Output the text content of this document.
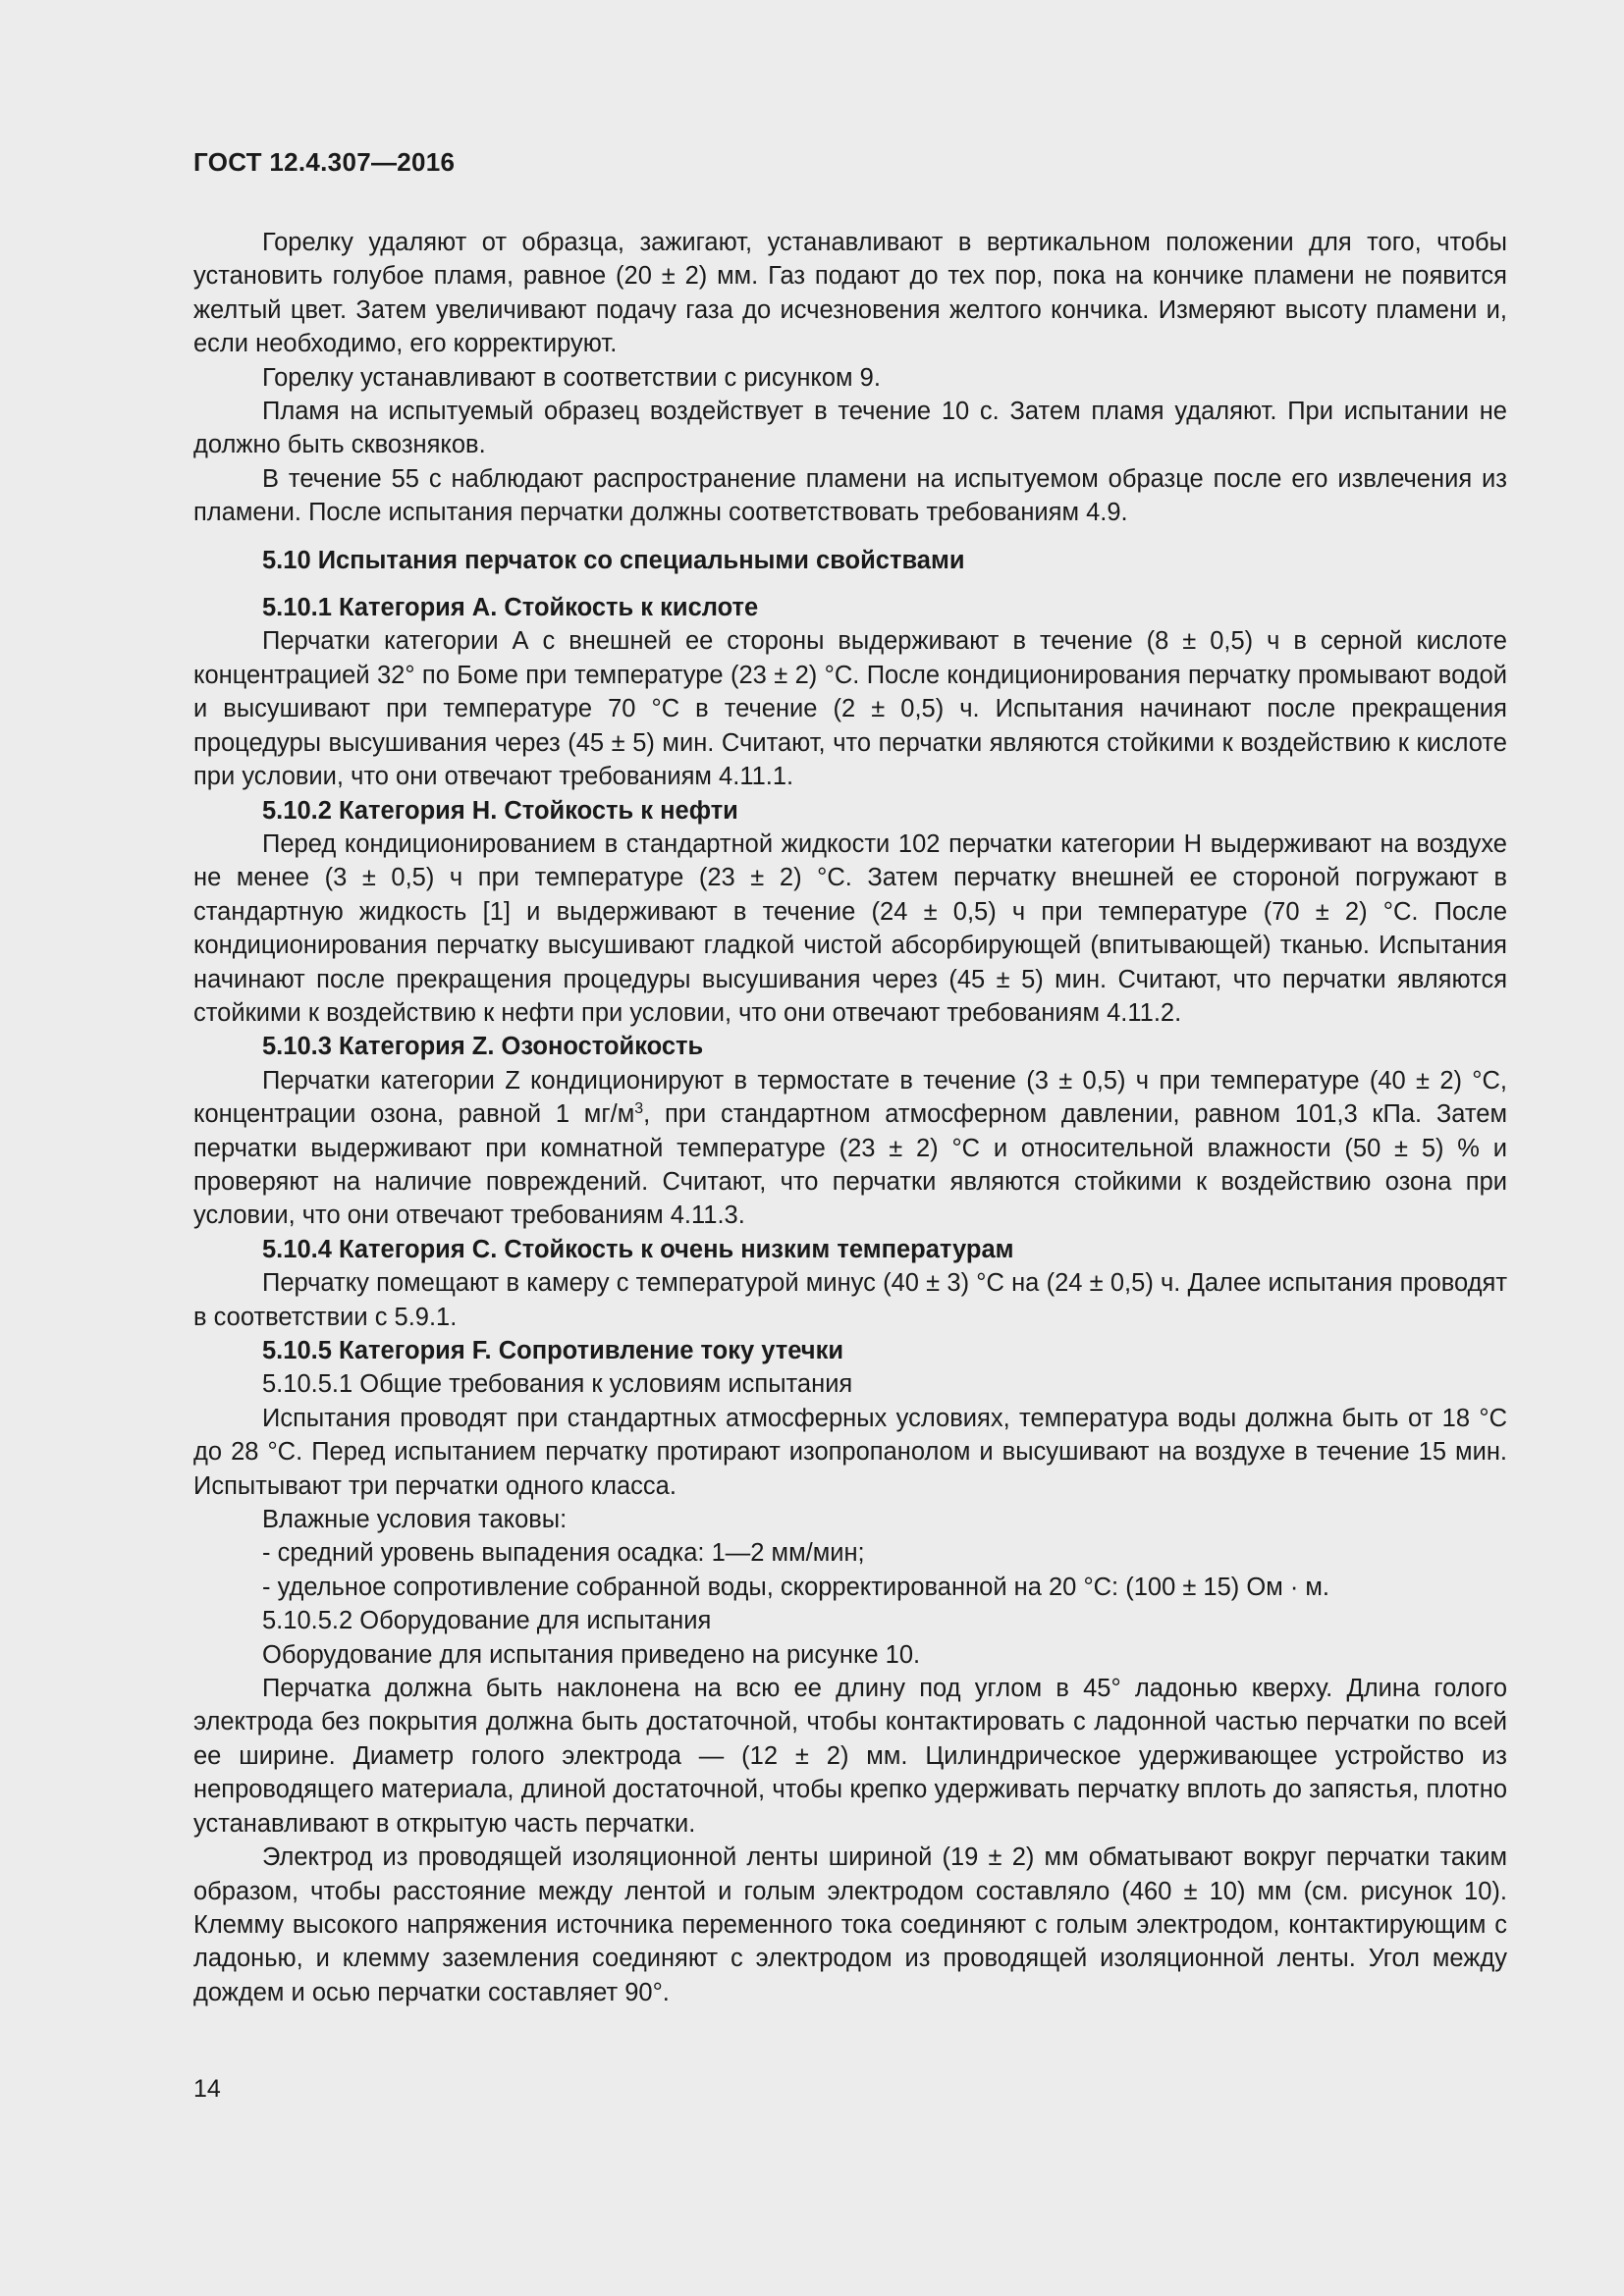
ГОСТ 12.4.307—2016

Горелку удаляют от образца, зажигают, устанавливают в вертикальном положении для того, чтобы установить голубое пламя, равное (20 ± 2) мм. Газ подают до тех пор, пока на кончике пламени не появится желтый цвет. Затем увеличивают подачу газа до исчезновения желтого кончика. Измеряют высоту пламени и, если необходимо, его корректируют.

Горелку устанавливают в соответствии с рисунком 9.

Пламя на испытуемый образец воздействует в течение 10 с. Затем пламя удаляют. При испытании не должно быть сквозняков.

В течение 55 с наблюдают распространение пламени на испытуемом образце после его извлечения из пламени. После испытания перчатки должны соответствовать требованиям 4.9.

5.10 Испытания перчаток со специальными свойствами

5.10.1 Категория А. Стойкость к кислоте

Перчатки категории А с внешней ее стороны выдерживают в течение (8 ± 0,5) ч в серной кислоте концентрацией 32° по Боме при температуре (23 ± 2) °С. После кондиционирования перчатку промывают водой и высушивают при температуре 70 °С в течение (2 ± 0,5) ч. Испытания начинают после прекращения процедуры высушивания через (45 ± 5) мин. Считают, что перчатки являются стойкими к воздействию к кислоте при условии, что они отвечают требованиям 4.11.1.

5.10.2 Категория Н. Стойкость к нефти

Перед кондиционированием в стандартной жидкости 102 перчатки категории Н выдерживают на воздухе не менее (3 ± 0,5) ч при температуре (23 ± 2) °С. Затем перчатку внешней ее стороной погружают в стандартную жидкость [1] и выдерживают в течение (24 ± 0,5) ч при температуре (70 ± 2) °С. После кондиционирования перчатку высушивают гладкой чистой абсорбирующей (впитывающей) тканью. Испытания начинают после прекращения процедуры высушивания через (45 ± 5) мин. Считают, что перчатки являются стойкими к воздействию к нефти при условии, что они отвечают требованиям 4.11.2.

5.10.3 Категория Z. Озоностойкость

Перчатки категории Z кондиционируют в термостате в течение (3 ± 0,5) ч при температуре (40 ± 2) °С, концентрации озона, равной 1 $мг/м^3$, при стандартном атмосферном давлении, равном 101,3 кПа. Затем перчатки выдерживают при комнатной температуре (23 ± 2) °С и относительной влажности (50 ± 5) % и проверяют на наличие повреждений. Считают, что перчатки являются стойкими к воздействию озона при условии, что они отвечают требованиям 4.11.3.

5.10.4 Категория С. Стойкость к очень низким температурам

Перчатку помещают в камеру с температурой минус (40 ± 3) °С на (24 ± 0,5) ч. Далее испытания проводят в соответствии с 5.9.1.

5.10.5 Категория F. Сопротивление току утечки

5.10.5.1 Общие требования к условиям испытания

Испытания проводят при стандартных атмосферных условиях, температура воды должна быть от 18 °С до 28 °С. Перед испытанием перчатку протирают изопропанолом и высушивают на воздухе в течение 15 мин. Испытывают три перчатки одного класса.

Влажные условия таковы:

- средний уровень выпадения осадка: 1—2 мм/мин;

- удельное сопротивление собранной воды, скорректированной на 20 °С: (100 ± 15) Ом · м.

5.10.5.2 Оборудование для испытания

Оборудование для испытания приведено на рисунке 10.

Перчатка должна быть наклонена на всю ее длину под углом в 45° ладонью кверху. Длина голого электрода без покрытия должна быть достаточной, чтобы контактировать с ладонной частью перчатки по всей ее ширине. Диаметр голого электрода — (12 ± 2) мм. Цилиндрическое удерживающее устройство из непроводящего материала, длиной достаточной, чтобы крепко удерживать перчатку вплоть до запястья, плотно устанавливают в открытую часть перчатки.

Электрод из проводящей изоляционной ленты шириной (19 ± 2) мм обматывают вокруг перчатки таким образом, чтобы расстояние между лентой и голым электродом составляло (460 ± 10) мм (см. рисунок 10). Клемму высокого напряжения источника переменного тока соединяют с голым электродом, контактирующим с ладонью, и клемму заземления соединяют с электродом из проводящей изоляционной ленты. Угол между дождем и осью перчатки составляет 90°.

14
